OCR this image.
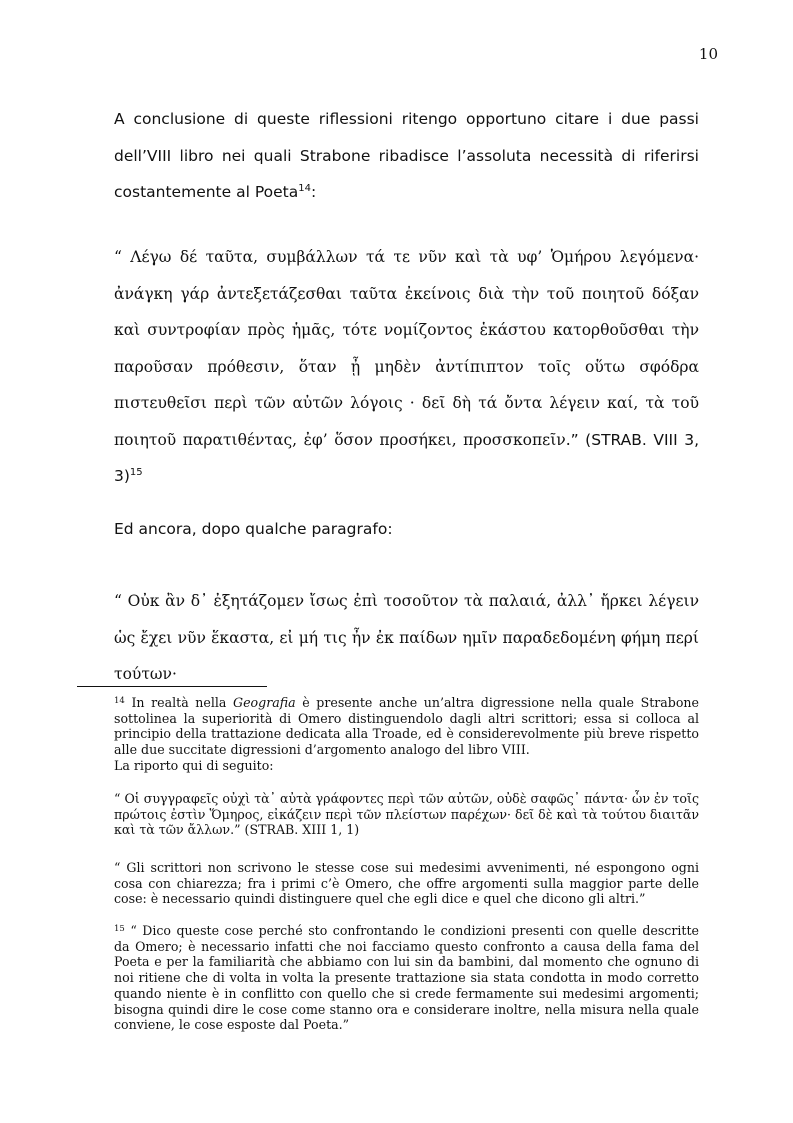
10

A conclusione di queste riflessioni ritengo opportuno citare i due passi dell’VIII libro nei quali Strabone ribadisce l’assoluta necessità di riferirsi costantemente al Poeta$^{14}$:

“ Λέγω δέ ταῦτα, συμβάλλων τά τε νῦν καὶ τὰ υφ’ Ὁμήρου λεγόμενα· ἀνάγκη γάρ ἀντεξετάζεσθαι ταῦτα ἐκείνοις διὰ τὴν τοῦ ποιητοῦ δόξαν καὶ συντροφίαν πρὸς ἡμᾶς, τότε νομίζοντος ἑκάστου κατορθοῦσθαι τὴν παροῦσαν πρόθεσιν, ὅταν ᾖ μηδὲν ἀντίπιπτον τοῖς οὕτω σφόδρα πιστευθεῖσι περὶ τῶν αὐτῶν λόγοις · δεῖ δὴ τά ὄντα λέγειν καί, τὰ τοῦ ποιητοῦ παρατιθέντας, ἐφ’ ὅσον προσήκει, προσσκοπεῖν.” (STRAB. VIII 3, 3)$^{15}$

Ed ancora, dopo qualche paragrafo:

“ Οὐκ ἂν δ᾽ ἐξητάζομεν ἴσως ἐπὶ τοσοῦτον τὰ παλαιά, ἀλλ᾽ ἤρκει λέγειν ὡς ἔχει νῦν ἕκαστα, εἰ μή τις ἦν ἐκ παίδων ημῖν παραδεδομένη φήμη περί τούτων·

$^{14}$ In realtà nella Geografia è presente anche un’altra digressione nella quale Strabone sottolinea la superiorità di Omero distinguendolo dagli altri scrittori; essa si colloca al principio della trattazione dedicata alla Troade, ed è considerevolmente più breve rispetto alle due succitate digressioni d’argomento analogo del libro VIII.
La riporto qui di seguito:

“ Οἱ συγγραφεῖς οὐχὶ τὰ᾽ αὐτὰ γράφοντες περὶ τῶν αὐτῶν, οὐδὲ σαφῶς᾽ πάντα· ὧν ἐν τοῖς πρώτοις ἐστὶν Ὅμηρος, εἰκάζειν περὶ τῶν πλείστων παρέχων· δεῖ δὲ καὶ τὰ τούτου διαιτᾶν καὶ τὰ τῶν ἄλλων.” (STRAB. XIII 1, 1)

“ Gli scrittori non scrivono le stesse cose sui medesimi avvenimenti, né espongono ogni cosa con chiarezza; fra i primi c’è Omero, che offre argomenti sulla maggior parte delle cose: è necessario quindi distinguere quel che egli dice e quel che dicono gli altri.”

$^{15}$ “ Dico queste cose perché sto confrontando le condizioni presenti con quelle descritte da Omero; è necessario infatti che noi facciamo questo confronto a causa della fama del Poeta e per la familiarità che abbiamo con lui sin da bambini, dal momento che ognuno di noi ritiene che di volta in volta la presente trattazione sia stata condotta in modo corretto quando niente è in conflitto con quello che si crede fermamente sui medesimi argomenti; bisogna quindi dire le cose come stanno ora e considerare inoltre, nella misura nella quale conviene, le cose esposte dal Poeta.”
